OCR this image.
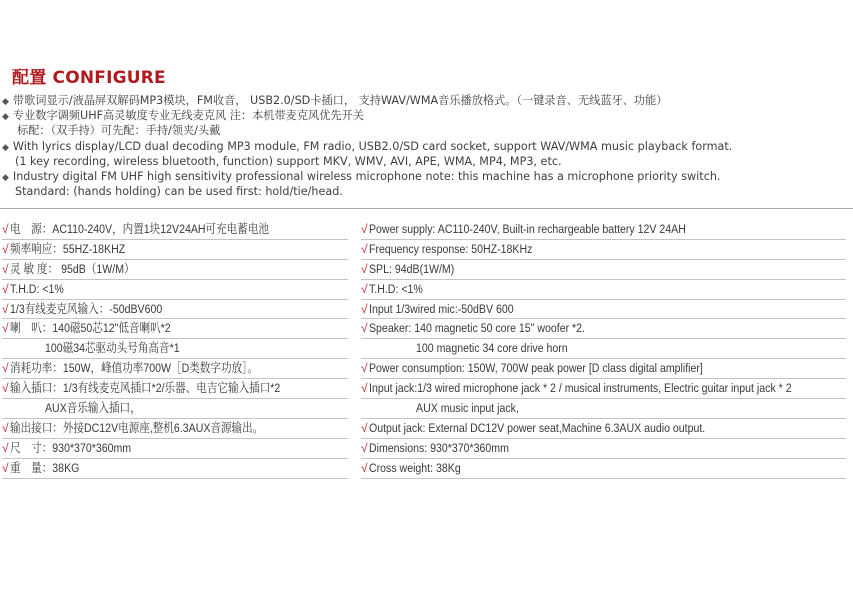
配置 CONFIGURE
◆ 带歌词显示/液晶屏双解码MP3模块，FM收音， USB2.0/SD卡插口， 支持WAV/WMA音乐播放格式。（一键录音、无线蓝牙、功能）
◆ 专业数字调频UHF高灵敏度专业无线麦克风 注：本机带麦克风优先开关
标配：（双手持）可先配：手持/领夹/头戴
◆ With lyrics display/LCD dual decoding MP3 module, FM radio, USB2.0/SD card socket, support WAV/WMA music playback format.
(1 key recording, wireless bluetooth, function) support MKV, WMV, AVI, APE, WMA, MP4, MP3, etc.
◆ Industry digital FM UHF high sensitivity professional wireless microphone note: this machine has a microphone priority switch.
Standard: (hands holding) can be used first: hold/tie/head.
√电　源：AC110-240V，内置1块12V24AH可充电蓄电池
√频率响应：55HZ-18KHZ
√灵 敏 度： 95dB（1W/M）
√T.H.D: <1%
√1/3有线麦克风输入：-50dBV600
√喇　叭：140磁50芯12"低音喇叭*2
100磁34芯驱动头号角高音*1
√消耗功率：150W，峰值功率700W［D类数字功放］。
√输入插口：1/3有线麦克风插口*2/乐器、电吉它输入插口*2
AUX音乐输入插口，
√输出接口：外接DC12V电源座,整机6.3AUX音源输出。
√尺　寸：930*370*360mm
√重　量：38KG
√Power supply: AC110-240V, Built-in rechargeable battery 12V 24AH
√Frequency response: 50HZ-18KHz
√SPL: 94dB(1W/M)
√T.H.D: <1%
√Input 1/3wired mic:-50dBV 600
√Speaker: 140 magnetic 50 core 15" woofer *2.
100 magnetic 34 core drive horn
√Power consumption: 150W, 700W peak power [D class digital amplifier]
√Input jack:1/3 wired microphone jack * 2 / musical instruments, Electric guitar input jack * 2
AUX music input jack,
√Output jack: External DC12V power seat,Machine 6.3AUX audio output.
√Dimensions: 930*370*360mm
√Cross weight: 38Kg
